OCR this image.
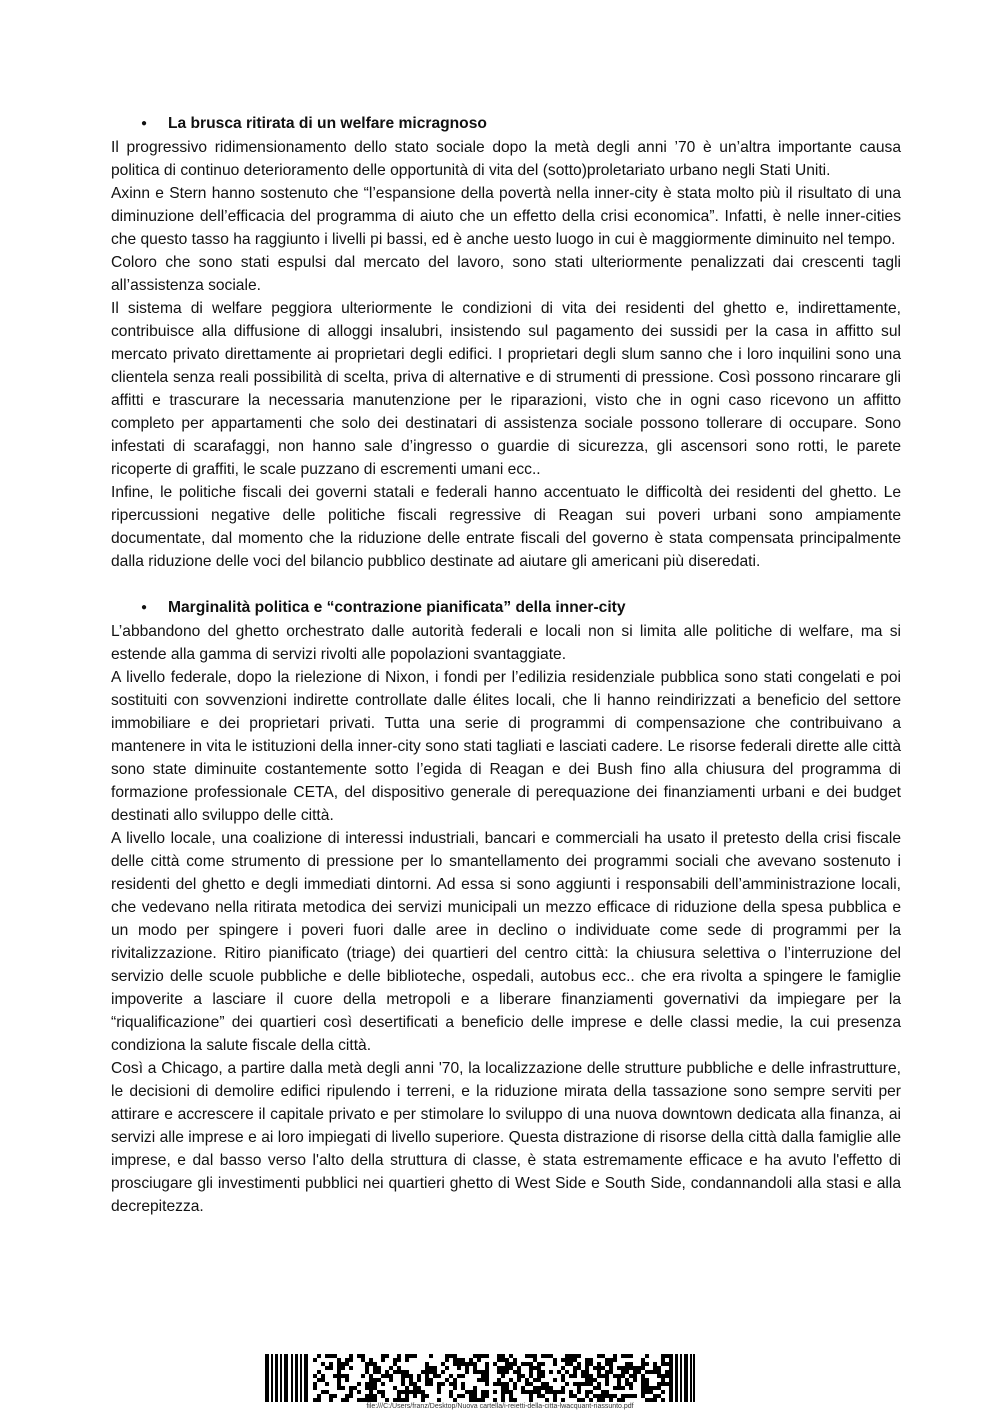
● La brusca ritirata di un welfare micragnoso

Il progressivo ridimensionamento dello stato sociale dopo la metà degli anni ’70 è un’altra importante causa politica di continuo deterioramento delle opportunità di vita del (sotto)proletariato urbano negli Stati Uniti.

Axinn e Stern hanno sostenuto che “l’espansione della povertà nella inner-city è stata molto più il risultato di una diminuzione dell’efficacia del programma di aiuto che un effetto della crisi economica”. Infatti, è nelle inner-cities che questo tasso ha raggiunto i livelli pi bassi, ed è anche uesto luogo in cui è maggiormente diminuito nel tempo.

Coloro che sono stati espulsi dal mercato del lavoro, sono stati ulteriormente penalizzati dai crescenti tagli all’assistenza sociale.

Il sistema di welfare peggiora ulteriormente le condizioni di vita dei residenti del ghetto e, indirettamente, contribuisce alla diffusione di alloggi insalubri, insistendo sul pagamento dei sussidi per la casa in affitto sul mercato privato direttamente ai proprietari degli edifici. I proprietari degli slum sanno che i loro inquilini sono una clientela senza reali possibilità di scelta, priva di alternative e di strumenti di pressione. Così possono rincarare gli affitti e trascurare la necessaria manutenzione per le riparazioni, visto che in ogni caso ricevono un affitto completo per appartamenti che solo dei destinatari di assistenza sociale possono tollerare di occupare. Sono infestati di scarafaggi, non hanno sale d’ingresso o guardie di sicurezza, gli ascensori sono rotti, le parete ricoperte di graffiti, le scale puzzano di escrementi umani ecc..

Infine, le politiche fiscali dei governi statali e federali hanno accentuato le difficoltà dei residenti del ghetto. Le ripercussioni negative delle politiche fiscali regressive di Reagan sui poveri urbani sono ampiamente documentate, dal momento che la riduzione delle entrate fiscali del governo è stata compensata principalmente dalla riduzione delle voci del bilancio pubblico destinate ad aiutare gli americani più diseredati.

● Marginalità politica e “contrazione pianificata” della inner-city

L’abbandono del ghetto orchestrato dalle autorità federali e locali non si limita alle politiche di welfare, ma si estende alla gamma di servizi rivolti alle popolazioni svantaggiate.

A livello federale, dopo la rielezione di Nixon, i fondi per l’edilizia residenziale pubblica sono stati congelati e poi sostituiti con sovvenzioni indirette controllate dalle élites locali, che li hanno reindirizzati a beneficio del settore immobiliare e dei proprietari privati. Tutta una serie di programmi di compensazione che contribuivano a mantenere in vita le istituzioni della inner-city sono stati tagliati e lasciati cadere. Le risorse federali dirette alle città sono state diminuite costantemente sotto l’egida di Reagan e dei Bush fino alla chiusura del programma di formazione professionale CETA, del dispositivo generale di perequazione dei finanziamenti urbani e dei budget destinati allo sviluppo delle città.

A livello locale, una coalizione di interessi industriali, bancari e commerciali ha usato il pretesto della crisi fiscale delle città come strumento di pressione per lo smantellamento dei programmi sociali che avevano sostenuto i residenti del ghetto e degli immediati dintorni. Ad essa si sono aggiunti i responsabili dell’amministrazione locali, che vedevano nella ritirata metodica dei servizi municipali un mezzo efficace di riduzione della spesa pubblica e un modo per spingere i poveri fuori dalle aree in declino o individuate come sede di programmi per la rivitalizzazione. Ritiro pianificato (triage) dei quartieri del centro città: la chiusura selettiva o l’interruzione del servizio delle scuole pubbliche e delle biblioteche, ospedali, autobus ecc.. che era rivolta a spingere le famiglie impoverite a lasciare il cuore della metropoli e a liberare finanziamenti governativi da impiegare per la “riqualificazione” dei quartieri così desertificati a beneficio delle imprese e delle classi medie, la cui presenza condiziona la salute fiscale della città.

Così a Chicago, a partire dalla metà degli anni '70, la localizzazione delle strutture pubbliche e delle infrastrutture, le decisioni di demolire edifici ripulendo i terreni, e la riduzione mirata della tassazione sono sempre serviti per attirare e accrescere il capitale privato e per stimolare lo sviluppo di una nuova downtown dedicata alla finanza, ai servizi alle imprese e ai loro impiegati di livello superiore. Questa distrazione di risorse della città dalla famiglie alle imprese, e dal basso verso l'alto della struttura di classe, è stata estremamente efficace e ha avuto l'effetto di prosciugare gli investimenti pubblici nei quartieri ghetto di West Side e South Side, condannandoli alla stasi e alla decrepitezza.

file:///C:/Users/franz/Desktop/Nuova cartella/i-reietti-della-citta-lwacquant-riassunto.pdf
